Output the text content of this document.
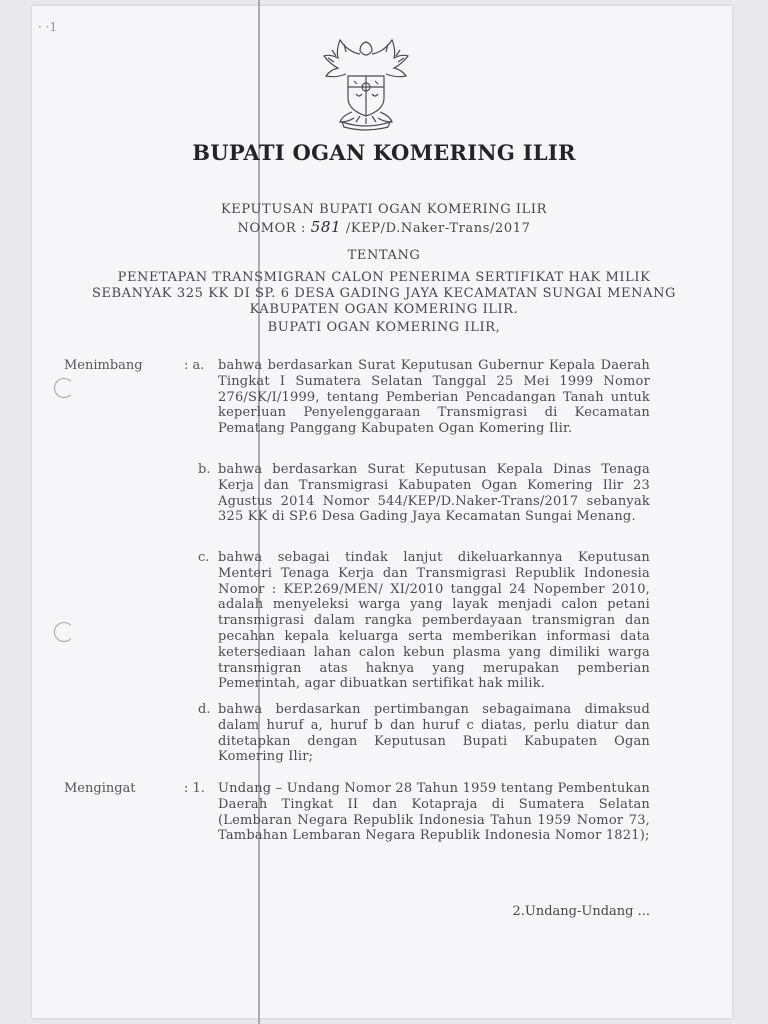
· ·1
BUPATI OGAN KOMERING ILIR
KEPUTUSAN BUPATI OGAN KOMERING ILIR
NOMOR : 581 /KEP/D.Naker-Trans/2017
TENTANG
PENETAPAN TRANSMIGRAN CALON PENERIMA SERTIFIKAT HAK MILIK
SEBANYAK 325 KK DI SP. 6 DESA GADING JAYA KECAMATAN SUNGAI MENANG
KABUPATEN OGAN KOMERING ILIR.
BUPATI OGAN KOMERING ILIR,
Menimbang	: a. bahwa berdasarkan Surat Keputusan Gubernur Kepala Daerah Tingkat I Sumatera Selatan Tanggal 25 Mei 1999 Nomor 276/SK/I/1999, tentang Pemberian Pencadangan Tanah untuk keperluan Penyelenggaraan Transmigrasi di Kecamatan Pematang Panggang Kabupaten Ogan Komering Ilir.
b. bahwa berdasarkan Surat Keputusan Kepala Dinas Tenaga Kerja dan Transmigrasi Kabupaten Ogan Komering Ilir 23 Agustus 2014 Nomor 544/KEP/D.Naker-Trans/2017 sebanyak 325 KK di SP.6 Desa Gading Jaya Kecamatan Sungai Menang.
c. bahwa sebagai tindak lanjut dikeluarkannya Keputusan Menteri Tenaga Kerja dan Transmigrasi Republik Indonesia Nomor : KEP.269/MEN/ XI/2010 tanggal 24 Nopember 2010, adalah menyeleksi warga yang layak menjadi calon petani transmigrasi dalam rangka pemberdayaan transmigran dan pecahan kepala keluarga serta memberikan informasi data ketersediaan lahan calon kebun plasma yang dimiliki warga transmigran atas haknya yang merupakan pemberian Pemerintah, agar dibuatkan sertifikat hak milik.
d. bahwa berdasarkan pertimbangan sebagaimana dimaksud dalam huruf a, huruf b dan huruf c diatas, perlu diatur dan ditetapkan dengan Keputusan Bupati Kabupaten Ogan Komering Ilir;
Mengingat	: 1. Undang – Undang Nomor 28 Tahun 1959 tentang Pembentukan Daerah Tingkat II dan Kotapraja di Sumatera Selatan (Lembaran Negara Republik Indonesia Tahun 1959 Nomor 73, Tambahan Lembaran Negara Republik Indonesia Nomor 1821);
2.Undang-Undang ...
